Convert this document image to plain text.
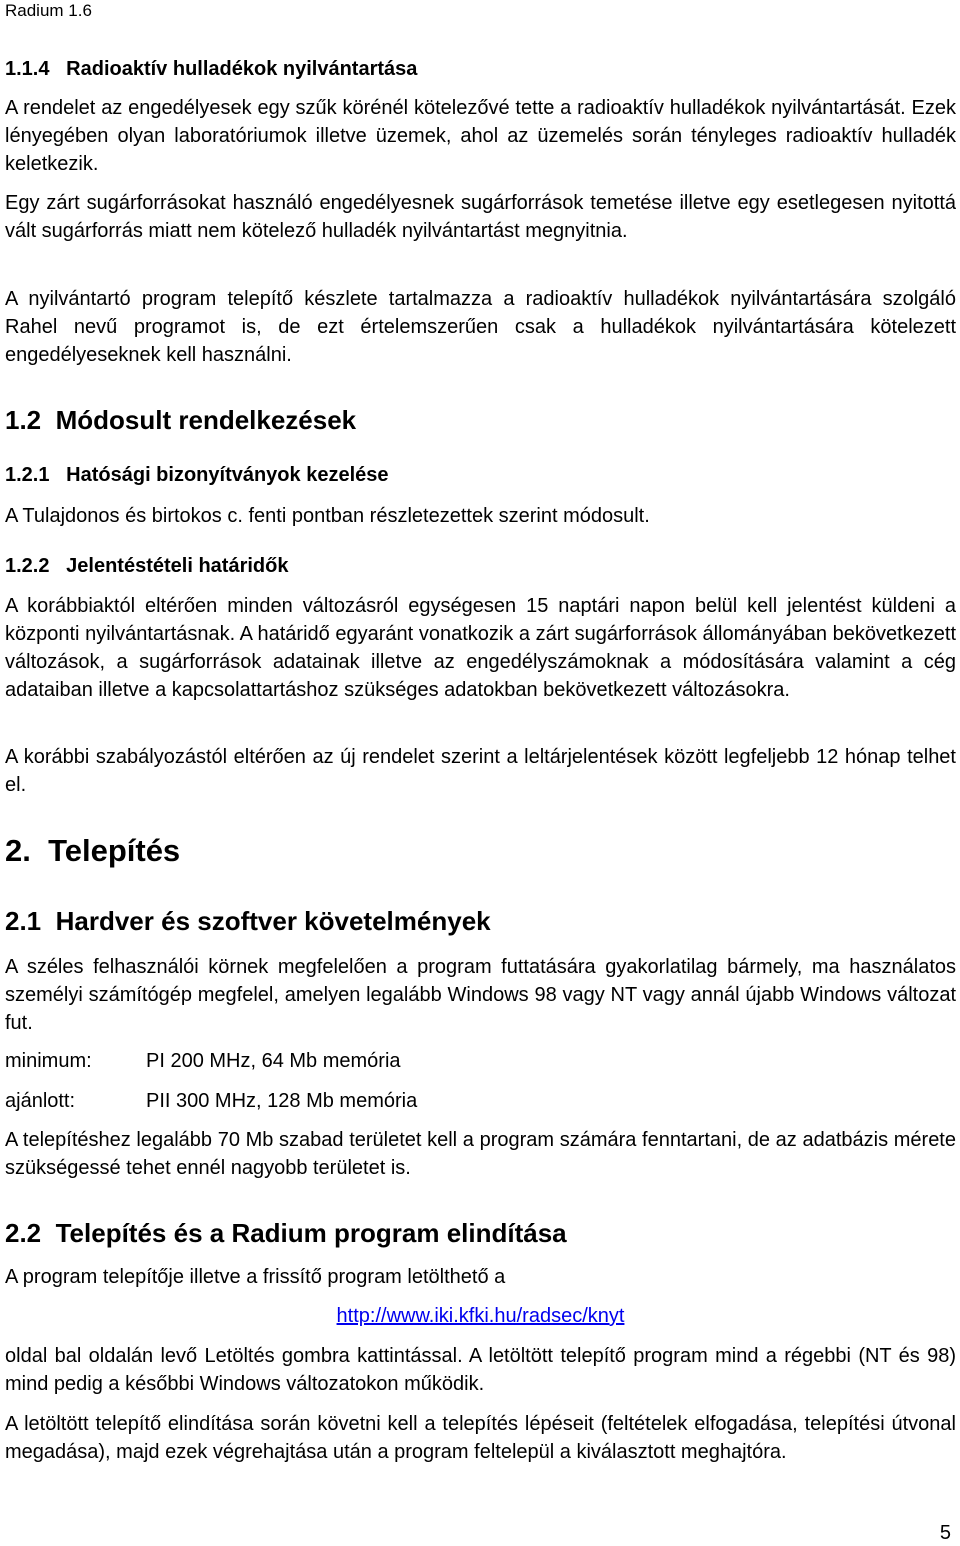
Radium 1.6
1.1.4 Radioaktív hulladékok nyilvántartása

A rendelet az engedélyesek egy szűk körénél kötelezővé tette a radioaktív hulladékok nyilvántartását. Ezek lényegében olyan laboratóriumok illetve üzemek, ahol az üzemelés során tényleges radioaktív hulladék keletkezik.

Egy zárt sugárforrásokat használó engedélyesnek sugárforrások temetése illetve egy esetlegesen nyitottá vált sugárforrás miatt nem kötelező hulladék nyilvántartást megnyitnia.

A nyilvántartó program telepítő készlete tartalmazza a radioaktív hulladékok nyilvántartására szolgáló Rahel nevű programot is, de ezt értelemszerűen csak a hulladékok nyilvántartására kötelezett engedélyeseknek kell használni.

1.2 Módosult rendelkezések
1.2.1 Hatósági bizonyítványok kezelése

A Tulajdonos és birtokos c. fenti pontban részletezettek szerint módosult.

1.2.2 Jelentéstételi határidők

A korábbiaktól eltérően minden változásról egységesen 15 naptári napon belül kell jelentést küldeni a központi nyilvántartásnak. A határidő egyaránt vonatkozik a zárt sugárforrások állományában bekövetkezett változások, a sugárforrások adatainak illetve az engedélyszámoknak a módosítására valamint a cég adataiban illetve a kapcsolattartáshoz szükséges adatokban bekövetkezett változásokra.

A korábbi szabályozástól eltérően az új rendelet szerint a leltárjelentések között legfeljebb 12 hónap telhet el.

2. Telepítés
2.1 Hardver és szoftver követelmények

A széles felhasználói körnek megfelelően a program futtatására gyakorlatilag bármely, ma használatos személyi számítógép megfelel, amelyen legalább Windows 98 vagy NT vagy annál újabb Windows változat fut.

minimum:	PI 200 MHz, 64 Mb memória
ajánlott:	PII 300 MHz, 128 Mb memória

A telepítéshez legalább 70 Mb szabad területet kell a program számára fenntartani, de az adatbázis mérete szükségessé tehet ennél nagyobb területet is.

2.2 Telepítés és a Radium program elindítása

A program telepítője illetve a frissítő program letölthető a

http://www.iki.kfki.hu/radsec/knyt

oldal bal oldalán levő Letöltés gombra kattintással. A letöltött telepítő program mind a régebbi (NT és 98) mind pedig a későbbi Windows változatokon működik.

A letöltött telepítő elindítása során követni kell a telepítés lépéseit (feltételek elfogadása, telepítési útvonal megadása), majd ezek végrehajtása után a program feltelepül a kiválasztott meghajtóra.

5
